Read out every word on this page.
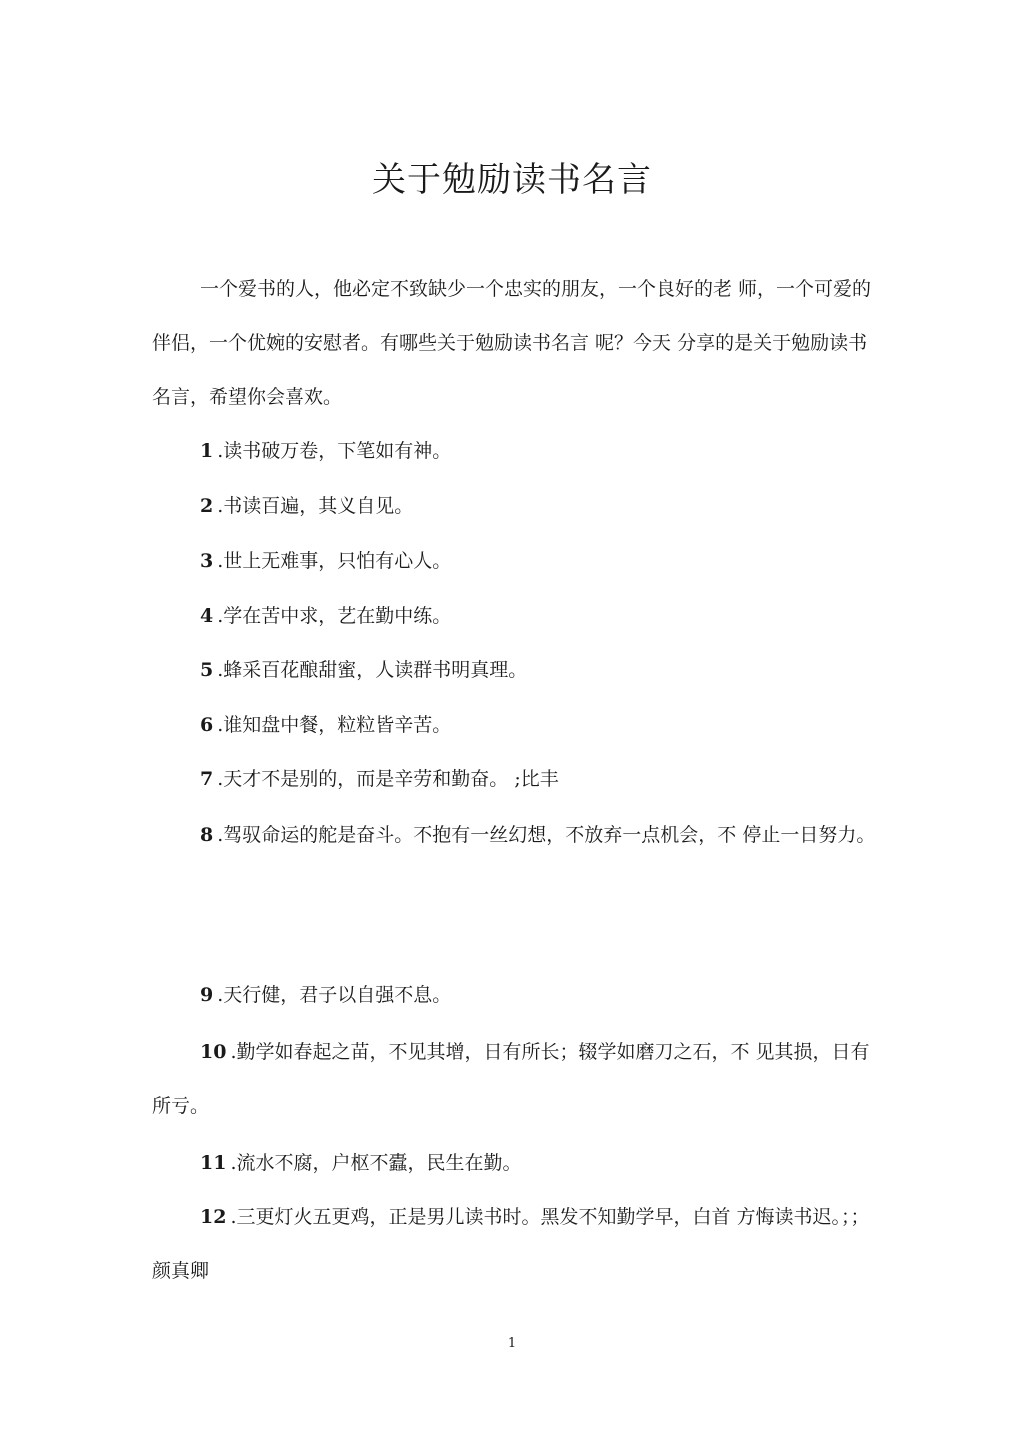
关于勉励读书名言

一个爱书的人，他必定不致缺少一个忠实的朋友，一个良好的老 师，一个可爱的伴侣，一个优婉的安慰者。有哪些关于勉励读书名言 呢？今天 分享的是关于勉励读书名言，希望你会喜欢。

1 .读书破万卷，下笔如有神。

2 .书读百遍，其义自见。

3 .世上无难事，只怕有心人。

4 .学在苦中求，艺在勤中练。

5 .蜂采百花酿甜蜜，人读群书明真理。

6 .谁知盘中餐，粒粒皆辛苦。

7 .天才不是别的，而是辛劳和勤奋。 ;比丰

8 .驾驭命运的舵是奋斗。不抱有一丝幻想，不放弃一点机会，不 停止一日努力。

9 .天行健，君子以自强不息。

10 .勤学如春起之苗，不见其增，日有所长；辍学如磨刀之石，不 见其损，日有所亏。

11 .流水不腐，户枢不蠹，民生在勤。

12 .三更灯火五更鸡，正是男儿读书时。黑发不知勤学早，白首 方悔读书迟。；；颜真卿

1
